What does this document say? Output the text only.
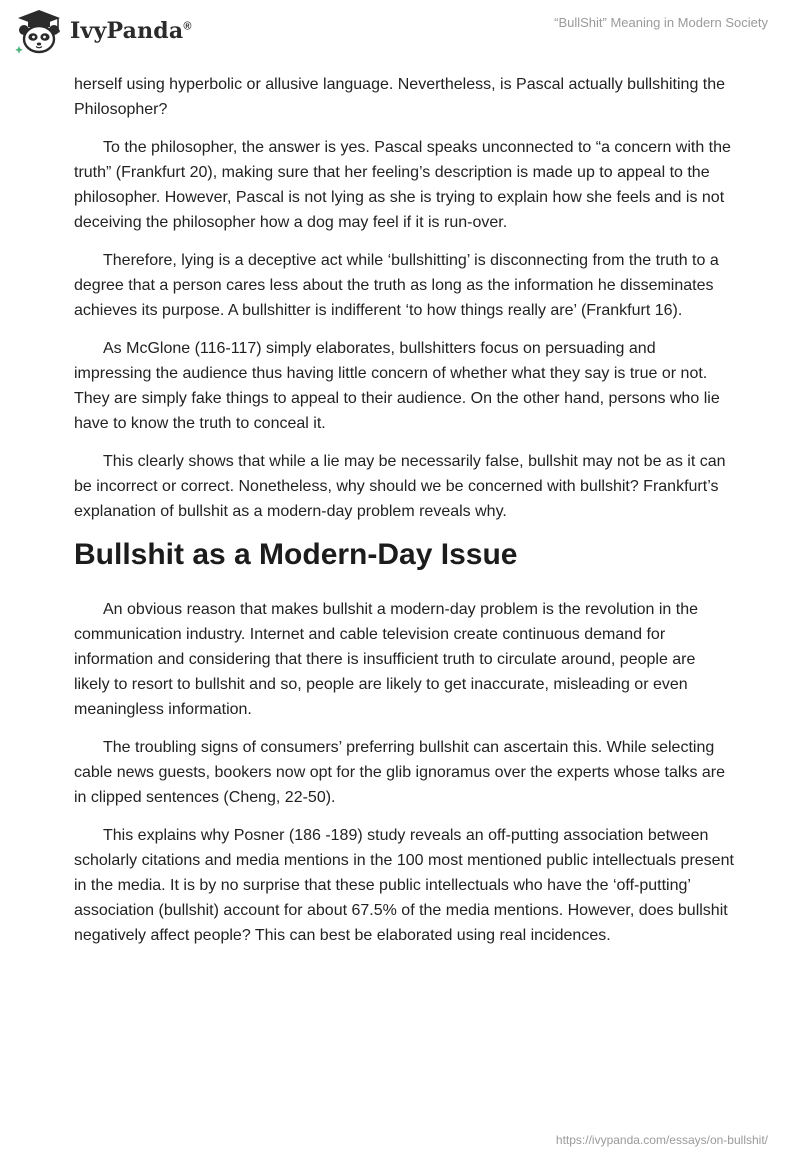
IvyPanda®	“BullShit” Meaning in Modern Society

herself using hyperbolic or allusive language. Nevertheless, is Pascal actually bullshiting the Philosopher?

To the philosopher, the answer is yes. Pascal speaks unconnected to “a concern with the truth” (Frankfurt 20), making sure that her feeling’s description is made up to appeal to the philosopher. However, Pascal is not lying as she is trying to explain how she feels and is not deceiving the philosopher how a dog may feel if it is run-over.

Therefore, lying is a deceptive act while ‘bullshitting’ is disconnecting from the truth to a degree that a person cares less about the truth as long as the information he disseminates achieves its purpose. A bullshitter is indifferent ‘to how things really are’ (Frankfurt 16).

As McGlone (116-117) simply elaborates, bullshitters focus on persuading and impressing the audience thus having little concern of whether what they say is true or not. They are simply fake things to appeal to their audience. On the other hand, persons who lie have to know the truth to conceal it.

This clearly shows that while a lie may be necessarily false, bullshit may not be as it can be incorrect or correct. Nonetheless, why should we be concerned with bullshit? Frankfurt’s explanation of bullshit as a modern-day problem reveals why.

Bullshit as a Modern-Day Issue

An obvious reason that makes bullshit a modern-day problem is the revolution in the communication industry. Internet and cable television create continuous demand for information and considering that there is insufficient truth to circulate around, people are likely to resort to bullshit and so, people are likely to get inaccurate, misleading or even meaningless information.

The troubling signs of consumers’ preferring bullshit can ascertain this. While selecting cable news guests, bookers now opt for the glib ignoramus over the experts whose talks are in clipped sentences (Cheng, 22-50).

This explains why Posner (186 -189) study reveals an off-putting association between scholarly citations and media mentions in the 100 most mentioned public intellectuals present in the media. It is by no surprise that these public intellectuals who have the ‘off-putting’ association (bullshit) account for about 67.5% of the media mentions. However, does bullshit negatively affect people? This can best be elaborated using real incidences.

https://ivypanda.com/essays/on-bullshit/
